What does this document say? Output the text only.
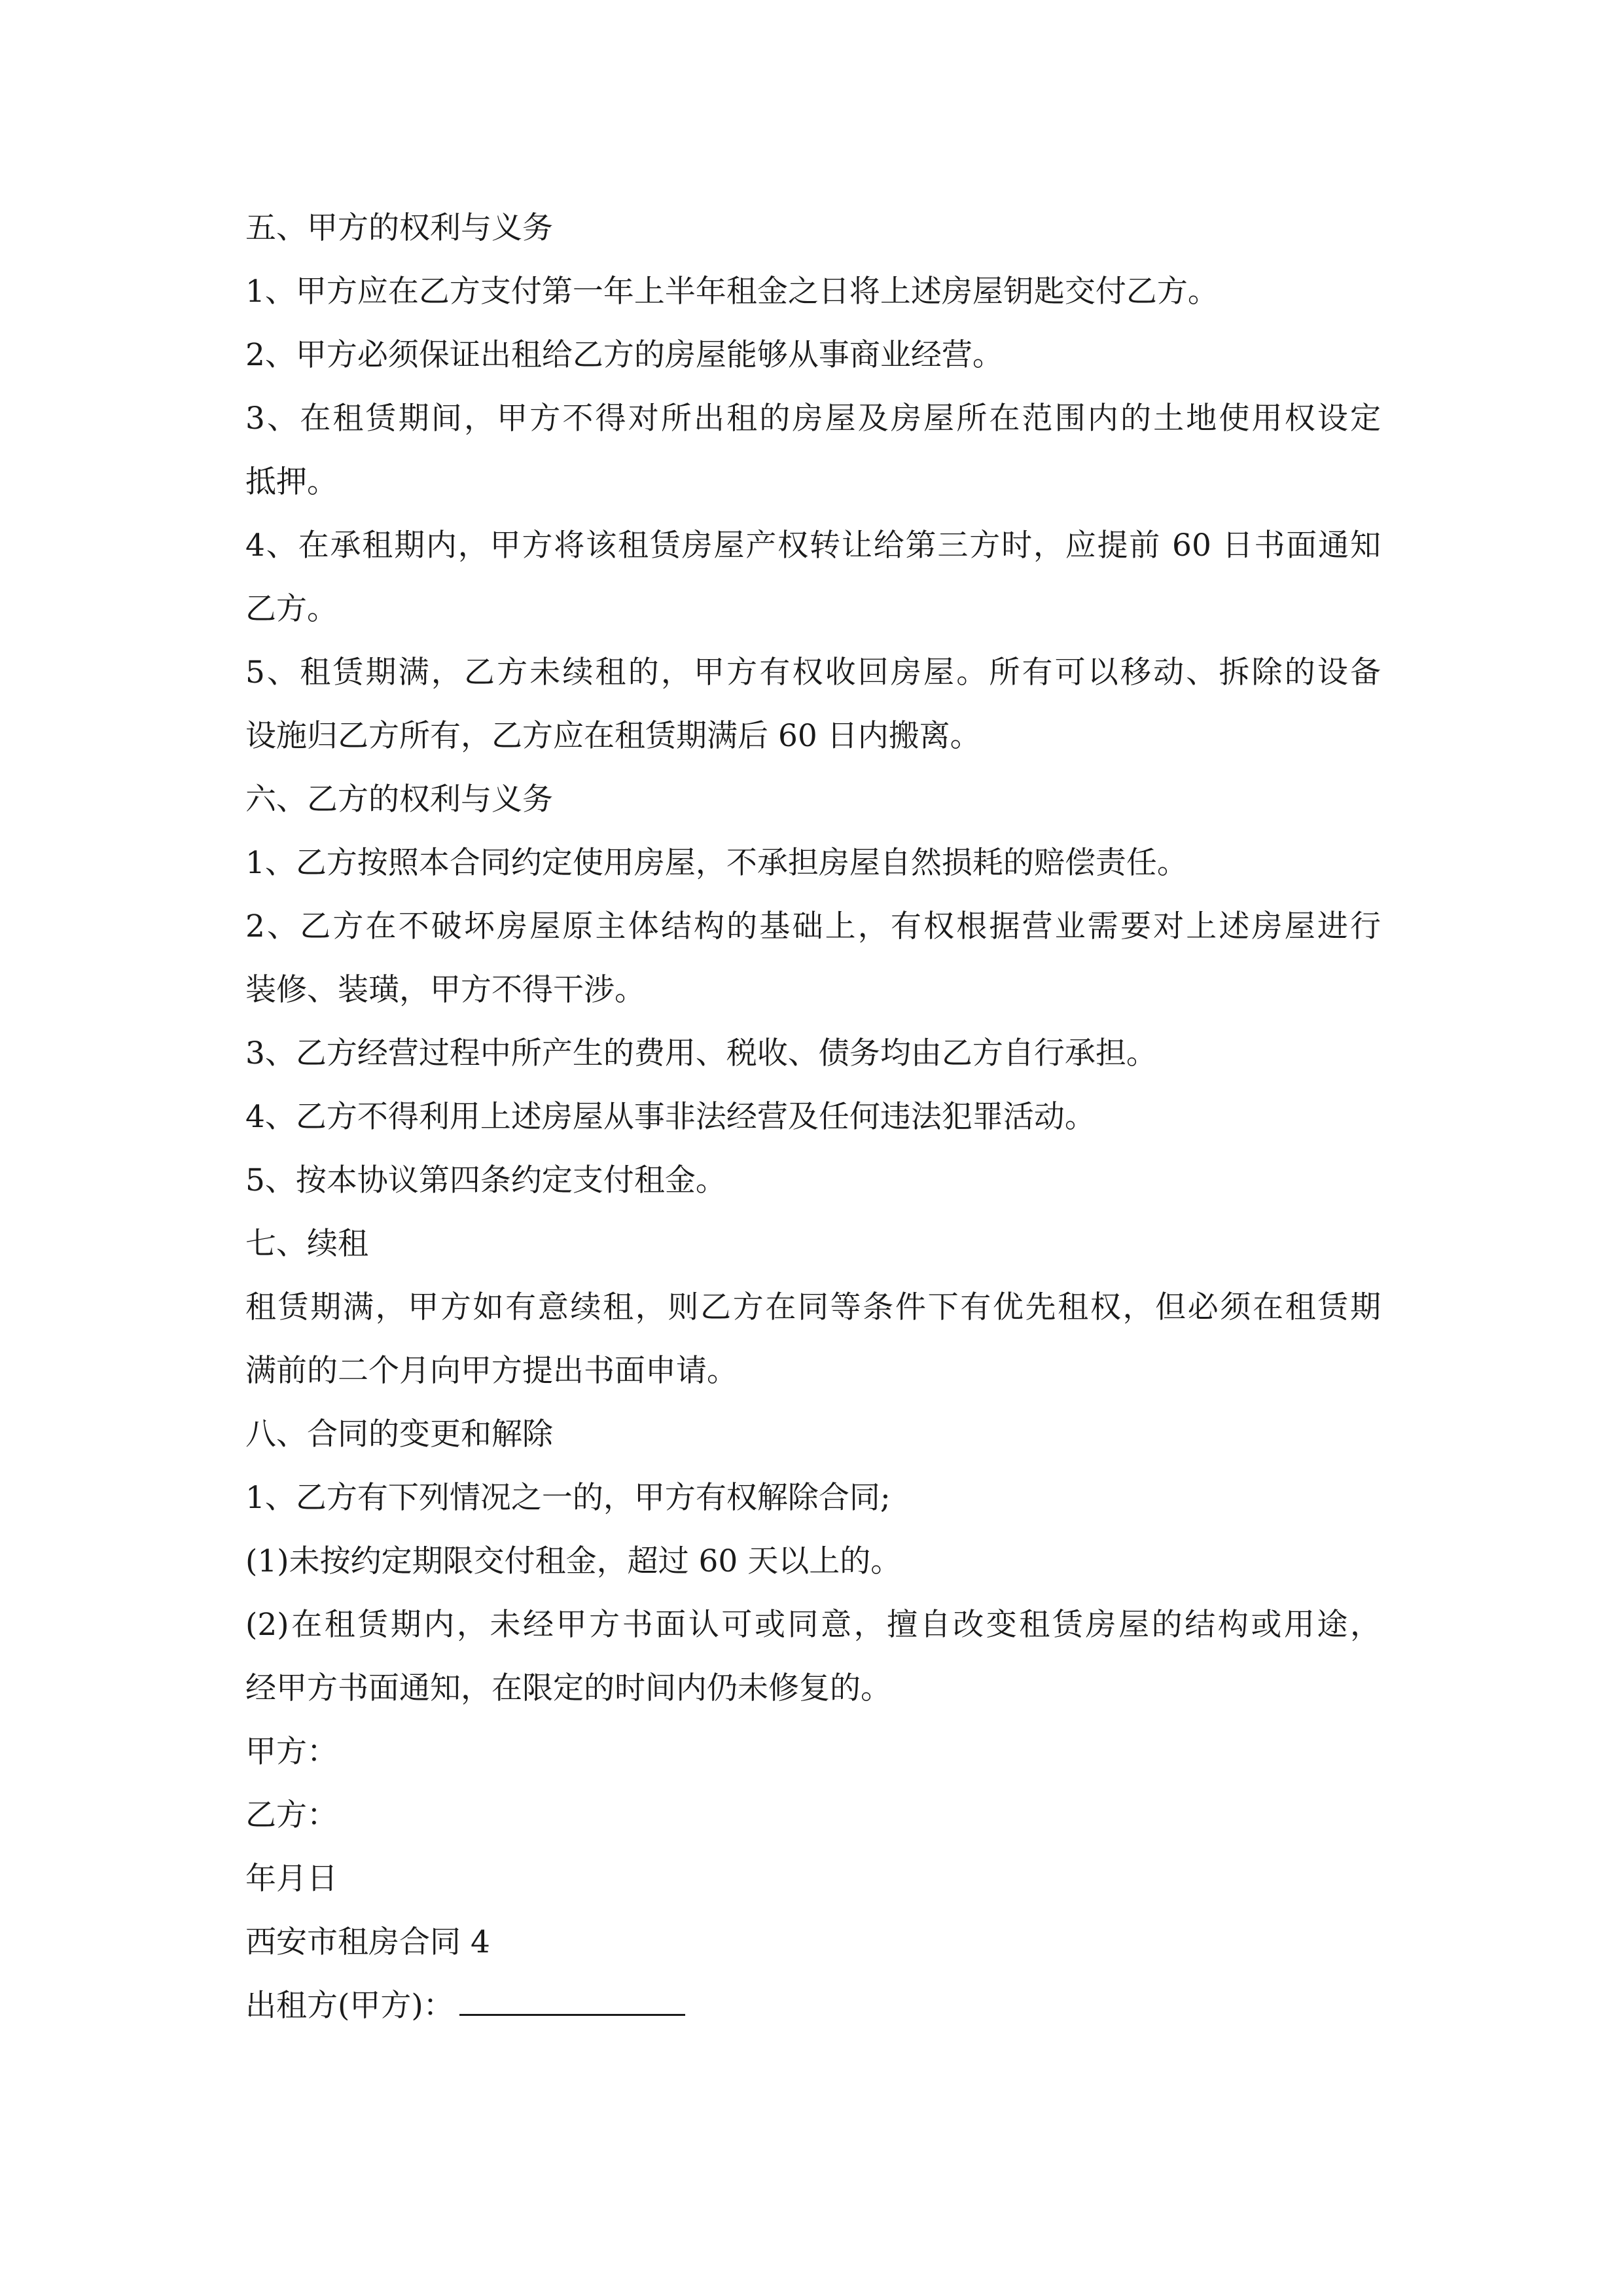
五、甲方的权利与义务

1、甲方应在乙方支付第一年上半年租金之日将上述房屋钥匙交付乙方。

2、甲方必须保证出租给乙方的房屋能够从事商业经营。

3、在租赁期间，甲方不得对所出租的房屋及房屋所在范围内的土地使用权设定

抵押。

4、在承租期内，甲方将该租赁房屋产权转让给第三方时，应提前 60 日书面通知

乙方。

5、租赁期满，乙方未续租的，甲方有权收回房屋。所有可以移动、拆除的设备

设施归乙方所有，乙方应在租赁期满后 60 日内搬离。

六、乙方的权利与义务

1、乙方按照本合同约定使用房屋，不承担房屋自然损耗的赔偿责任。

2、乙方在不破坏房屋原主体结构的基础上，有权根据营业需要对上述房屋进行

装修、装璜，甲方不得干涉。

3、乙方经营过程中所产生的费用、税收、债务均由乙方自行承担。

4、乙方不得利用上述房屋从事非法经营及任何违法犯罪活动。

5、按本协议第四条约定支付租金。

七、续租

租赁期满，甲方如有意续租，则乙方在同等条件下有优先租权，但必须在租赁期

满前的二个月向甲方提出书面申请。

八、合同的变更和解除

1、乙方有下列情况之一的，甲方有权解除合同;

(1)未按约定期限交付租金，超过 60 天以上的。

(2)在租赁期内，未经甲方书面认可或同意，擅自改变租赁房屋的结构或用途，

经甲方书面通知，在限定的时间内仍未修复的。

甲方：

乙方：

年月日

西安市租房合同 4

出租方(甲方)：
